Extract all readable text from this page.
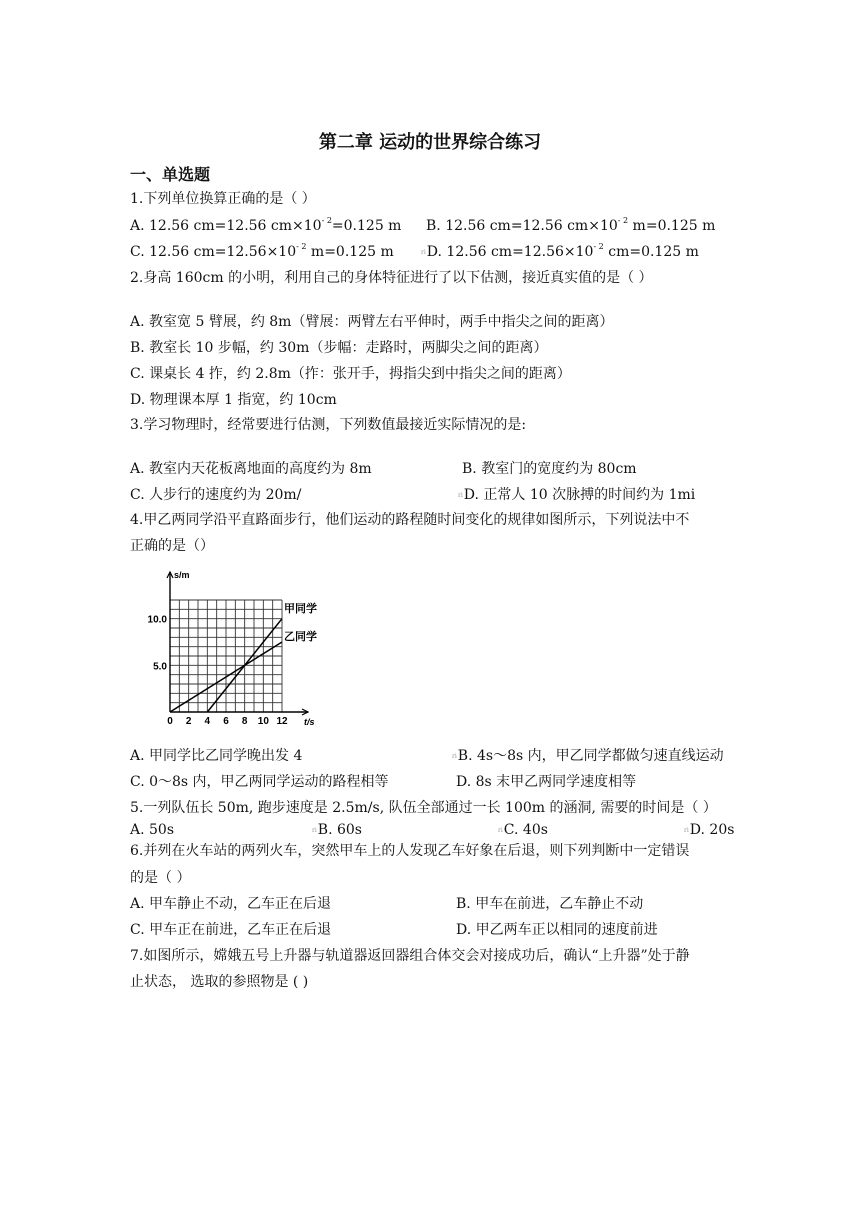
第二章 运动的世界综合练习
一、单选题
1.下列单位换算正确的是（ ）
A. 12.56 cm=12.56 $cm\times 10^{- 2}=0.125$ m B. 12.56 cm=12.56 $cm\times 10^{- 2}$ m=0.125 m
C. 12.56 $cm=12.56\times 10^{- 2}$ m=0.125 m	riD. 12.56 $cm=12.56\times 10^{- 2}$ cm=0.125 m
2.身高 160cm 的小明，利用自己的身体特征进行了以下估测，接近真实值的是（ ）
A. 教室宽 5 臂展，约 8m（臂展：两臂左右平伸时，两手中指尖之间的距离）
B. 教室长 10 步幅，约 30m（步幅：走路时，两脚尖之间的距离）
C. 课桌长 4 拃，约 2.8m（拃：张开手，拇指尖到中指尖之间的距离）
D. 物理课本厚 1 指宽，约 10cm
3.学习物理时，经常要进行估测，下列数值最接近实际情况的是:
A. 教室内天花板离地面的高度约为 8m	B. 教室门的宽度约为 80cm
C. 人步行的速度约为 20m/	riD. 正常人 10 次脉搏的时间约为 1mi
4.甲乙两同学沿平直路面步行，他们运动的路程随时间变化的规律如图所示，下列说法中不
正确的是（）
s/m
t/s
0 2 4 6 8 10 12
5.0
10.0
甲同学
乙同学
A. 甲同学比乙同学晚出发 4	riB. 4s～8s 内，甲乙同学都做匀速直线运动
C. 0～8s 内，甲乙两同学运动的路程相等	D. 8s 末甲乙两同学速度相等
5.一列队伍长 50m, 跑步速度是 2.5m/s, 队伍全部通过一长 100m 的涵洞, 需要的时间是（ ）
A. 50s	riB. 60s	riC. 40s	riD. 20s
6.并列在火车站的两列火车，突然甲车上的人发现乙车好象在后退，则下列判断中一定错误
的是（ ）
A. 甲车静止不动，乙车正在后退	B. 甲车在前进，乙车静止不动
C. 甲车正在前进，乙车正在后退	D. 甲乙两车正以相同的速度前进
7.如图所示，嫦娥五号上升器与轨道器返回器组合体交会对接成功后，确认“上升器”处于静
止状态， 选取的参照物是 ( )
